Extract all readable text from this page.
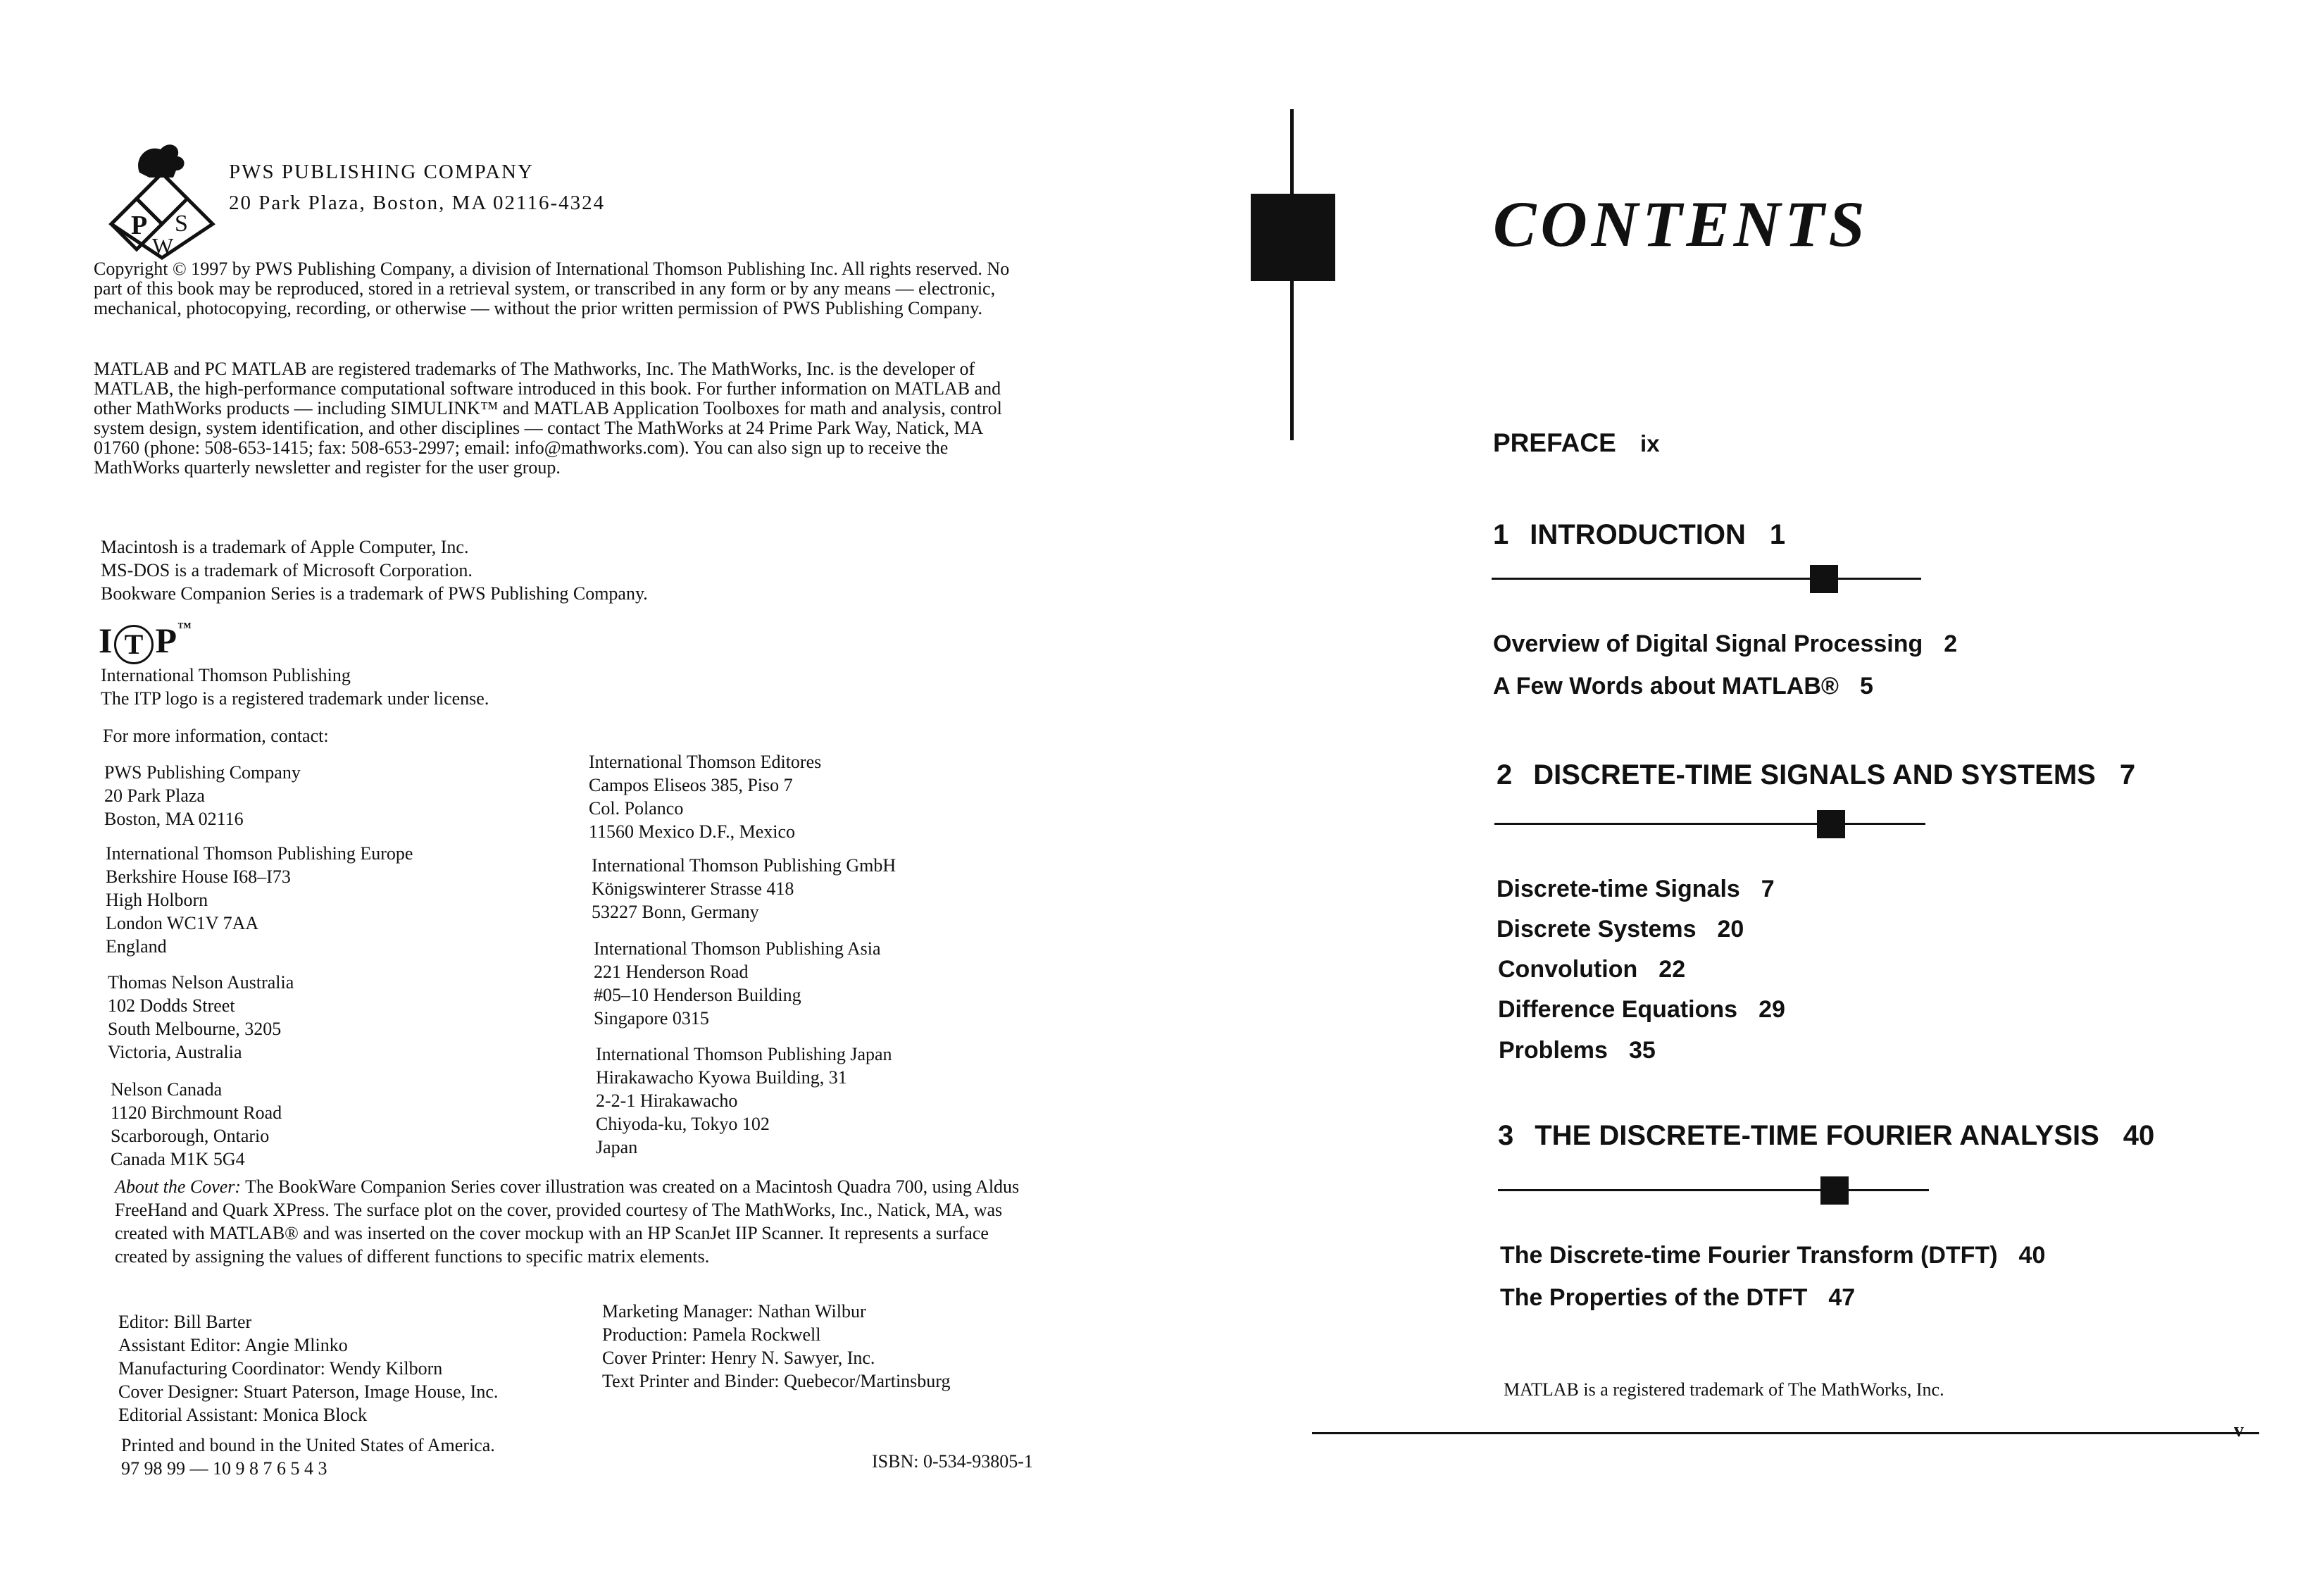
P S
W
PWS PUBLISHING COMPANY
20 Park Plaza, Boston, MA 02116-4324

Copyright © 1997 by PWS Publishing Company, a division of International Thomson Publishing Inc. All rights reserved. No part of this book may be reproduced, stored in a retrieval system, or transcribed in any form or by any means — electronic, mechanical, photocopying, recording, or otherwise — without the prior written permission of PWS Publishing Company.

MATLAB and PC MATLAB are registered trademarks of The Mathworks, Inc. The MathWorks, Inc. is the developer of MATLAB, the high-performance computational software introduced in this book. For further information on MATLAB and other MathWorks products — including SIMULINK™ and MATLAB Application Toolboxes for math and analysis, control system design, system identification, and other disciplines — contact The MathWorks at 24 Prime Park Way, Natick, MA 01760 (phone: 508-653-1415; fax: 508-653-2997; email: info@mathworks.com). You can also sign up to receive the MathWorks quarterly newsletter and register for the user group.

Macintosh is a trademark of Apple Computer, Inc.
MS-DOS is a trademark of Microsoft Corporation.
Bookware Companion Series is a trademark of PWS Publishing Company.
I T P™
International Thomson Publishing
The ITP logo is a registered trademark under license.
For more information, contact:
PWS Publishing Company
20 Park Plaza
Boston, MA 02116
International Thomson Publishing Europe
Berkshire House I68–I73
High Holborn
London WC1V 7AA
England
Thomas Nelson Australia
102 Dodds Street
South Melbourne, 3205
Victoria, Australia
Nelson Canada
1120 Birchmount Road
Scarborough, Ontario
Canada M1K 5G4
International Thomson Editores
Campos Eliseos 385, Piso 7
Col. Polanco
11560 Mexico D.F., Mexico
International Thomson Publishing GmbH
Königswinterer Strasse 418
53227 Bonn, Germany
International Thomson Publishing Asia
221 Henderson Road
#05–10 Henderson Building
Singapore 0315
International Thomson Publishing Japan
Hirakawacho Kyowa Building, 31
2-2-1 Hirakawacho
Chiyoda-ku, Tokyo 102
Japan
About the Cover: The BookWare Companion Series cover illustration was created on a Macintosh Quadra 700, using Aldus FreeHand and Quark XPress. The surface plot on the cover, provided courtesy of The MathWorks, Inc., Natick, MA, was created with MATLAB® and was inserted on the cover mockup with an HP ScanJet IIP Scanner. It represents a surface created by assigning the values of different functions to specific matrix elements.
Editor: Bill Barter
Assistant Editor: Angie Mlinko
Manufacturing Coordinator: Wendy Kilborn
Cover Designer: Stuart Paterson, Image House, Inc.
Editorial Assistant: Monica Block
Marketing Manager: Nathan Wilbur
Production: Pamela Rockwell
Cover Printer: Henry N. Sawyer, Inc.
Text Printer and Binder: Quebecor/Martinsburg
Printed and bound in the United States of America.
97 98 99 — 10 9 8 7 6 5 4 3	ISBN: 0-534-93805-1
CONTENTS
PREFACE ix
1 INTRODUCTION 1
Overview of Digital Signal Processing 2
A Few Words about MATLAB® 5
2 DISCRETE-TIME SIGNALS AND SYSTEMS 7
Discrete-time Signals 7
Discrete Systems 20
Convolution 22
Difference Equations 29
Problems 35
3 THE DISCRETE-TIME FOURIER ANALYSIS 40
The Discrete-time Fourier Transform (DTFT) 40
The Properties of the DTFT 47
MATLAB is a registered trademark of The MathWorks, Inc.
v
